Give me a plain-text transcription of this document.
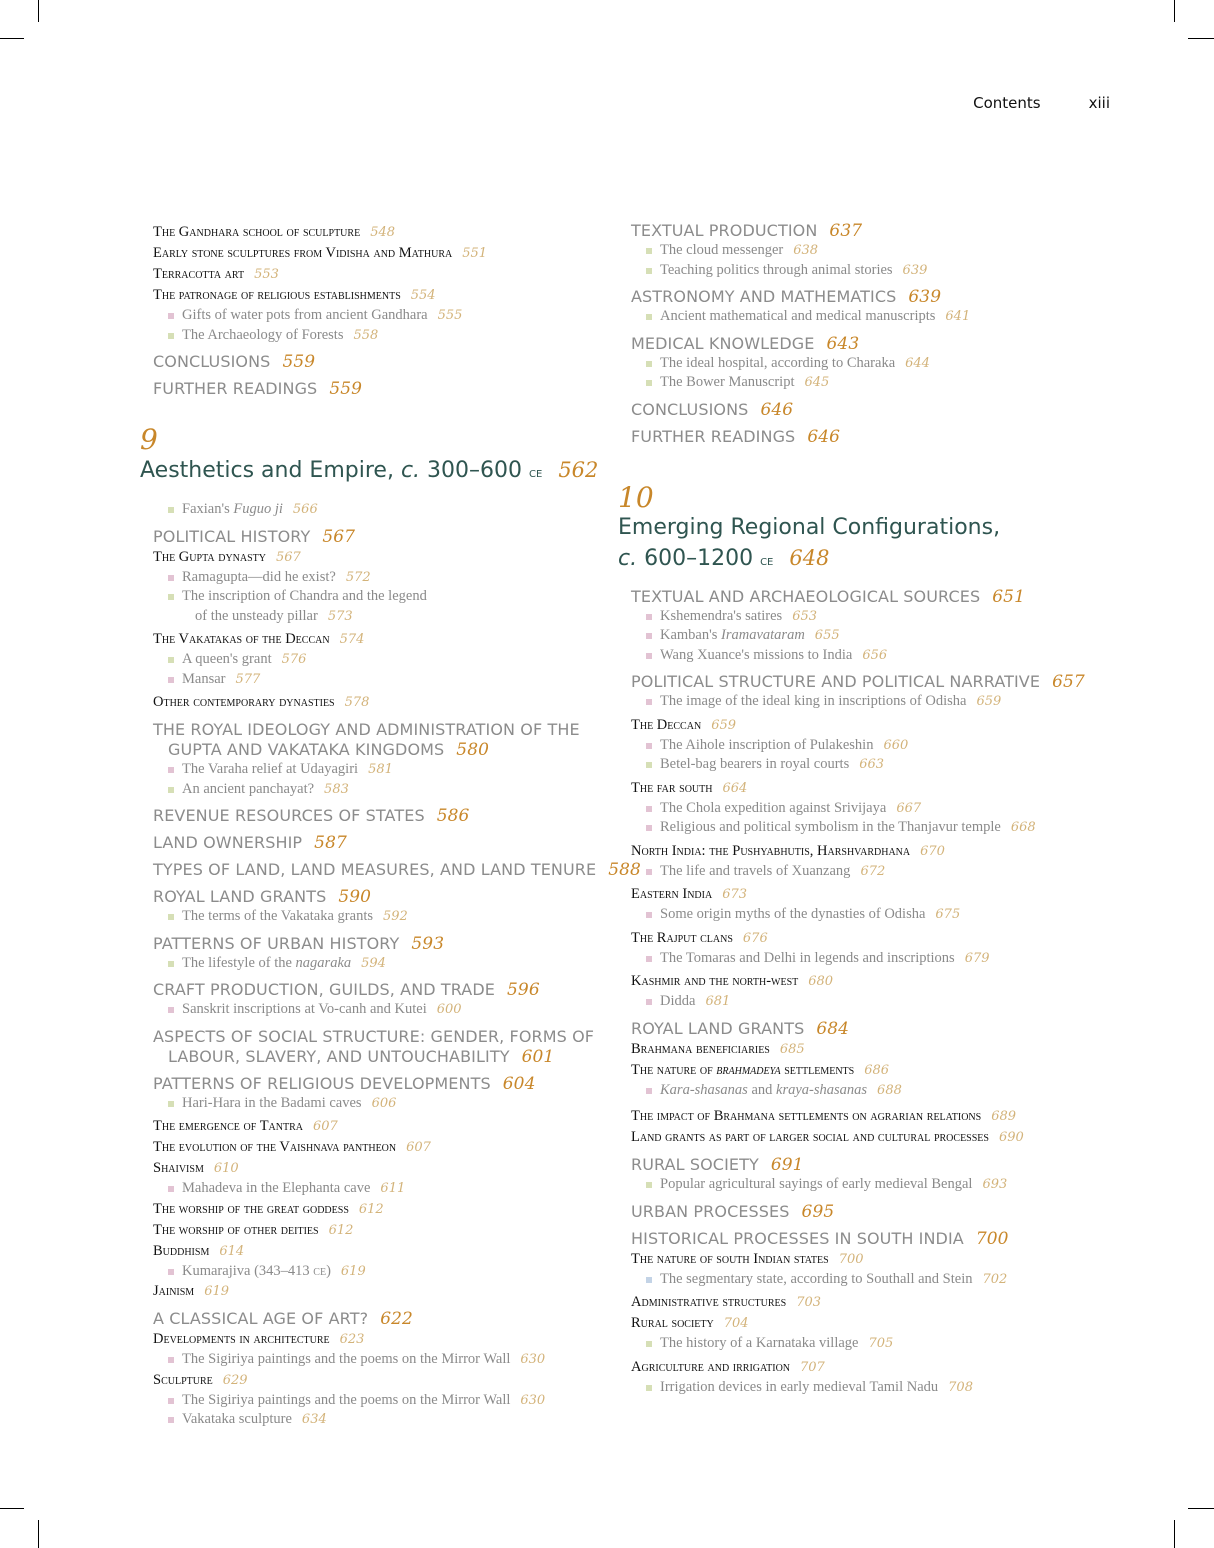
Contents	xiii
The Gandhara school of sculpture 548
Early stone sculptures from Vidisha and Mathura 551
Terracotta art 553
The patronage of religious establishments 554
Gifts of water pots from ancient Gandhara 555
The Archaeology of Forests 558
CONCLUSIONS 559
FURTHER READINGS 559
9
Aesthetics and Empire, c. 300–600 ce 562
Faxian's Fuguo ji 566
POLITICAL HISTORY 567
The Gupta dynasty 567
Ramagupta—did he exist? 572
The inscription of Chandra and the legend
of the unsteady pillar 573
The Vakatakas of the Deccan 574
A queen's grant 576
Mansar 577
Other contemporary dynasties 578
THE ROYAL IDEOLOGY AND ADMINISTRATION OF THE
GUPTA AND VAKATAKA KINGDOMS 580
The Varaha relief at Udayagiri 581
An ancient panchayat? 583
REVENUE RESOURCES OF STATES 586
LAND OWNERSHIP 587
TYPES OF LAND, LAND MEASURES, AND LAND TENURE 588
ROYAL LAND GRANTS 590
The terms of the Vakataka grants 592
PATTERNS OF URBAN HISTORY 593
The lifestyle of the nagaraka 594
CRAFT PRODUCTION, GUILDS, AND TRADE 596
Sanskrit inscriptions at Vo-canh and Kutei 600
ASPECTS OF SOCIAL STRUCTURE: GENDER, FORMS OF
LABOUR, SLAVERY, AND UNTOUCHABILITY 601
PATTERNS OF RELIGIOUS DEVELOPMENTS 604
Hari-Hara in the Badami caves 606
The emergence of Tantra 607
The evolution of the Vaishnava pantheon 607
Shaivism 610
Mahadeva in the Elephanta cave 611
The worship of the great goddess 612
The worship of other deities 612
Buddhism 614
Kumarajiva (343–413 ce) 619
Jainism 619
A CLASSICAL AGE OF ART? 622
Developments in architecture 623
The Sigiriya paintings and the poems on the Mirror Wall 630
Sculpture 629
The Sigiriya paintings and the poems on the Mirror Wall 630
Vakataka sculpture 634
TEXTUAL PRODUCTION 637
The cloud messenger 638
Teaching politics through animal stories 639
ASTRONOMY AND MATHEMATICS 639
Ancient mathematical and medical manuscripts 641
MEDICAL KNOWLEDGE 643
The ideal hospital, according to Charaka 644
The Bower Manuscript 645
CONCLUSIONS 646
FURTHER READINGS 646
10
Emerging Regional Configurations,
c. 600–1200 ce 648
TEXTUAL AND ARCHAEOLOGICAL SOURCES 651
Kshemendra's satires 653
Kamban's Iramavataram 655
Wang Xuance's missions to India 656
POLITICAL STRUCTURE AND POLITICAL NARRATIVE 657
The image of the ideal king in inscriptions of Odisha 659
The Deccan 659
The Aihole inscription of Pulakeshin 660
Betel-bag bearers in royal courts 663
The far south 664
The Chola expedition against Srivijaya 667
Religious and political symbolism in the Thanjavur temple 668
North India: the Pushyabhutis, Harshvardhana 670
The life and travels of Xuanzang 672
Eastern India 673
Some origin myths of the dynasties of Odisha 675
The Rajput clans 676
The Tomaras and Delhi in legends and inscriptions 679
Kashmir and the north-west 680
Didda 681
ROYAL LAND GRANTS 684
Brahmana beneficiaries 685
The nature of brahmadeya settlements 686
Kara-shasanas and kraya-shasanas 688
The impact of Brahmana settlements on agrarian relations 689
Land grants as part of larger social and cultural processes 690
RURAL SOCIETY 691
Popular agricultural sayings of early medieval Bengal 693
URBAN PROCESSES 695
HISTORICAL PROCESSES IN SOUTH INDIA 700
The nature of south Indian states 700
The segmentary state, according to Southall and Stein 702
Administrative structures 703
Rural society 704
The history of a Karnataka village 705
Agriculture and irrigation 707
Irrigation devices in early medieval Tamil Nadu 708
